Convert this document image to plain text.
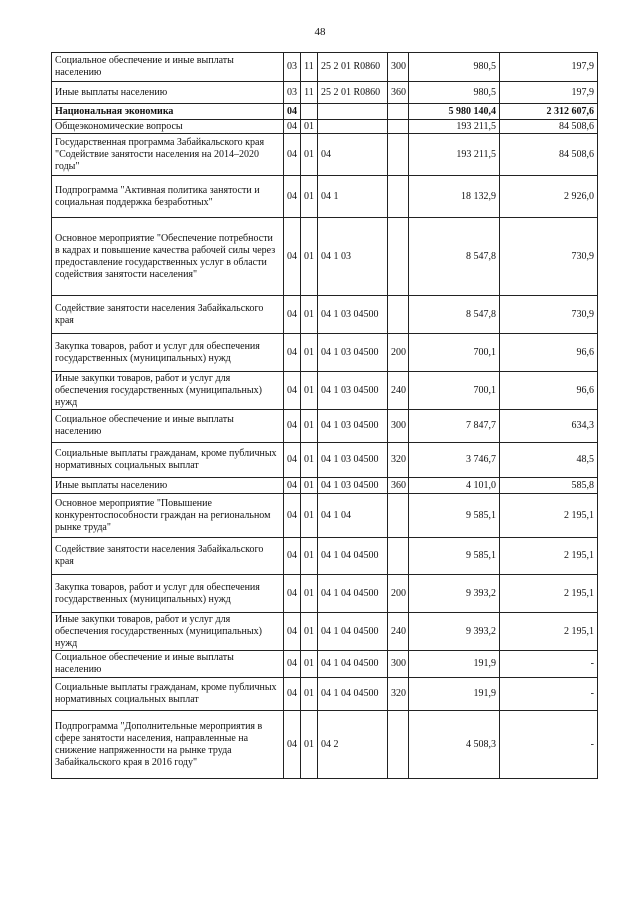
48
Социальное обеспечение и иные выплаты населению	03	11	25 2 01 R0860	300	980,5	197,9
Иные выплаты населению	03	11	25 2 01 R0860	360	980,5	197,9
Национальная экономика	04				5 980 140,4	2 312 607,6
Общеэкономические вопросы	04	01			193 211,5	84 508,6
Государственная программа Забайкальского края "Содействие занятости населения на 2014–2020 годы"	04	01	04		193 211,5	84 508,6
Подпрограмма "Активная политика занятости и социальная поддержка безработных"	04	01	04 1		18 132,9	2 926,0
Основное мероприятие "Обеспечение потребности в кадрах и повышение качества рабочей силы через предоставление государственных услуг в области содействия занятости населения"	04	01	04 1 03		8 547,8	730,9
Содействие занятости населения Забайкальского края	04	01	04 1 03 04500		8 547,8	730,9
Закупка товаров, работ и услуг для обеспечения государственных (муниципальных) нужд	04	01	04 1 03 04500	200	700,1	96,6
Иные закупки товаров, работ и услуг для обеспечения государственных (муниципальных) нужд	04	01	04 1 03 04500	240	700,1	96,6
Социальное обеспечение и иные выплаты населению	04	01	04 1 03 04500	300	7 847,7	634,3
Социальные выплаты гражданам, кроме публичных нормативных социальных выплат	04	01	04 1 03 04500	320	3 746,7	48,5
Иные выплаты населению	04	01	04 1 03 04500	360	4 101,0	585,8
Основное мероприятие "Повышение конкурентоспособности граждан на региональном рынке труда"	04	01	04 1 04		9 585,1	2 195,1
Содействие занятости населения Забайкальского края	04	01	04 1 04 04500		9 585,1	2 195,1
Закупка товаров, работ и услуг для обеспечения государственных (муниципальных) нужд	04	01	04 1 04 04500	200	9 393,2	2 195,1
Иные закупки товаров, работ и услуг для обеспечения государственных (муниципальных) нужд	04	01	04 1 04 04500	240	9 393,2	2 195,1
Социальное обеспечение и иные выплаты населению	04	01	04 1 04 04500	300	191,9	-
Социальные выплаты гражданам, кроме публичных нормативных социальных выплат	04	01	04 1 04 04500	320	191,9	-
Подпрограмма "Дополнительные мероприятия в сфере занятости населения, направленные на снижение напряженности на рынке труда Забайкальского края в 2016 году"	04	01	04 2		4 508,3	-
